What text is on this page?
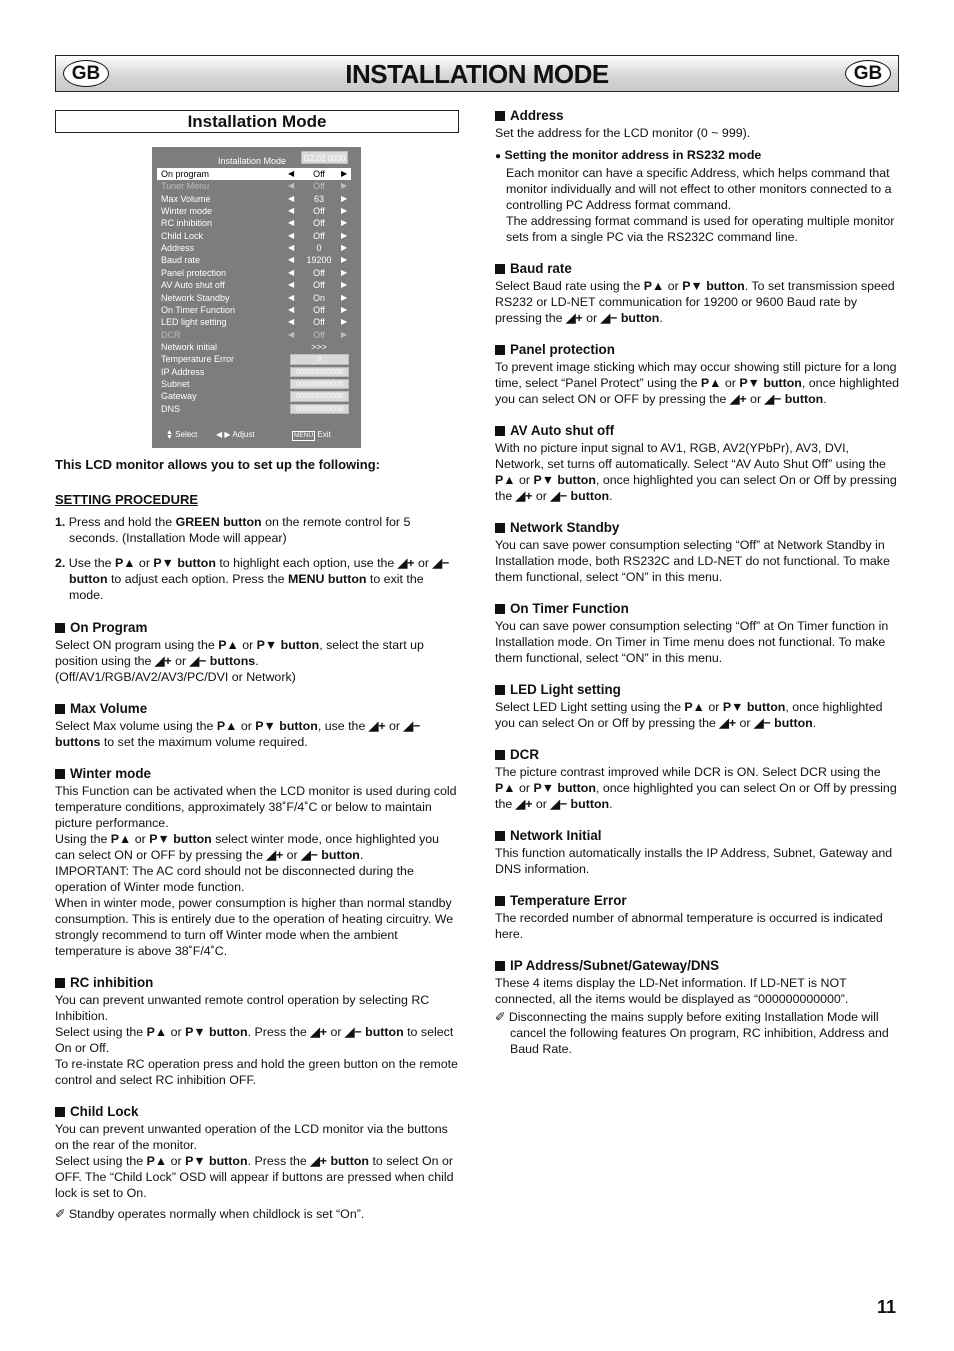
GB	INSTALLATION MODE	GB
Installation Mode
Installation Mode	G2.02 0000
On program	◀	Off	▶
Tuner Menu	◀	Off	▶
Max Volume	◀	63	▶
Winter mode	◀	Off	▶
RC inhibition	◀	Off	▶
Child Lock	◀	Off	▶
Address	◀	0	▶
Baud rate	◀	19200	▶
Panel protection	◀	Off	▶
AV Auto shut off	◀	Off	▶
Network Standby	◀	On	▶
On Timer Function	◀	Off	▶
LED light setting	◀	Off	▶
DCR	◀	Off	▶
Network initial	>>>
Temperature Error	0
IP Address	000000000000
Subnet	000000000000
Gateway	000000000000
DNS	000000000000
▲
▼ Select ◀ ▶ Adjust	MENU Exit
This LCD monitor allows you to set up the following:
SETTING PROCEDURE
1. Press and hold the GREEN button on the remote control for 5 seconds. (Installation Mode will appear)
2. Use the P▲ or P▼ button to highlight each option, use the ◢+ or ◢− button to adjust each option. Press the MENU button to exit the mode.
On Program
Select ON program using the P▲ or P▼ button, select the start up position using the ◢+ or ◢− buttons.
(Off/AV1/RGB/AV2/AV3/PC/DVI or Network)
Max Volume
Select Max volume using the P▲ or P▼ button, use the ◢+ or ◢− buttons to set the maximum volume required.
Winter mode
This Function can be activated when the LCD monitor is used during cold temperature conditions, approximately 38˚F/4˚C or below to maintain picture performance.
Using the P▲ or P▼ button select winter mode, once highlighted you can select ON or OFF by pressing the ◢+ or ◢− button.
IMPORTANT: The AC cord should not be disconnected during the operation of Winter mode function.
When in winter mode, power consumption is higher than normal standby consumption. This is entirely due to the operation of heating circuitry. We strongly recommend to turn off Winter mode when the ambient temperature is above 38˚F/4˚C.
RC inhibition
You can prevent unwanted remote control operation by selecting RC Inhibition.
Select using the P▲ or P▼ button. Press the ◢+ or ◢− button to select On or Off.
To re-instate RC operation press and hold the green button on the remote control and select RC inhibition OFF.
Child Lock
You can prevent unwanted operation of the LCD monitor via the buttons on the rear of the monitor.
Select using the P▲ or P▼ button. Press the ◢+ button to select On or OFF. The “Child Lock” OSD will appear if buttons are pressed when child lock is set to On.
✐ Standby operates normally when childlock is set “On”.
Address
Set the address for the LCD monitor (0 ~ 999).
● Setting the monitor address in RS232 mode
Each monitor can have a specific Address, which helps command that monitor individually and will not effect to other monitors connected to a controlling PC Address format command.
The addressing format command is used for operating multiple monitor sets from a single PC via the RS232C command line.
Baud rate
Select Baud rate using the P▲ or P▼ button. To set transmission speed RS232 or LD-NET communication for 19200 or 9600 Baud rate by pressing the ◢+ or ◢− button.
Panel protection
To prevent image sticking which may occur showing still picture for a long time, select “Panel Protect” using the P▲ or P▼ button, once highlighted you can select ON or OFF by pressing the ◢+ or ◢− button.
AV Auto shut off
With no picture input signal to AV1, RGB, AV2(YPbPr), AV3, DVI, Network, set turns off automatically. Select “AV Auto Shut Off” using the P▲ or P▼ button, once highlighted you can select On or Off by pressing the ◢+ or ◢− button.
Network Standby
You can save power consumption selecting “Off” at Network Standby in Installation mode, both RS232C and LD-NET do not functional. To make them functional, select “ON” in this menu.
On Timer Function
You can save power consumption selecting “Off” at On Timer function in Installation mode. On Timer in Time menu does not functional. To make them functional, select “ON” in this menu.
LED Light setting
Select LED Light setting using the P▲ or P▼ button, once highlighted you can select On or Off by pressing the ◢+ or ◢− button.
DCR
The picture contrast improved while DCR is ON. Select DCR using the P▲ or P▼ button, once highlighted you can select On or Off by pressing the ◢+ or ◢− button.
Network Initial
This function automatically installs the IP Address, Subnet, Gateway and DNS information.
Temperature Error
The recorded number of abnormal temperature is occurred is indicated here.
IP Address/Subnet/Gateway/DNS
These 4 items display the LD-Net information. If LD-NET is NOT connected, all the items would be displayed as “000000000000”.
✐ Disconnecting the mains supply before exiting Installation Mode will cancel the following features On program, RC inhibition, Address and Baud Rate.
11
